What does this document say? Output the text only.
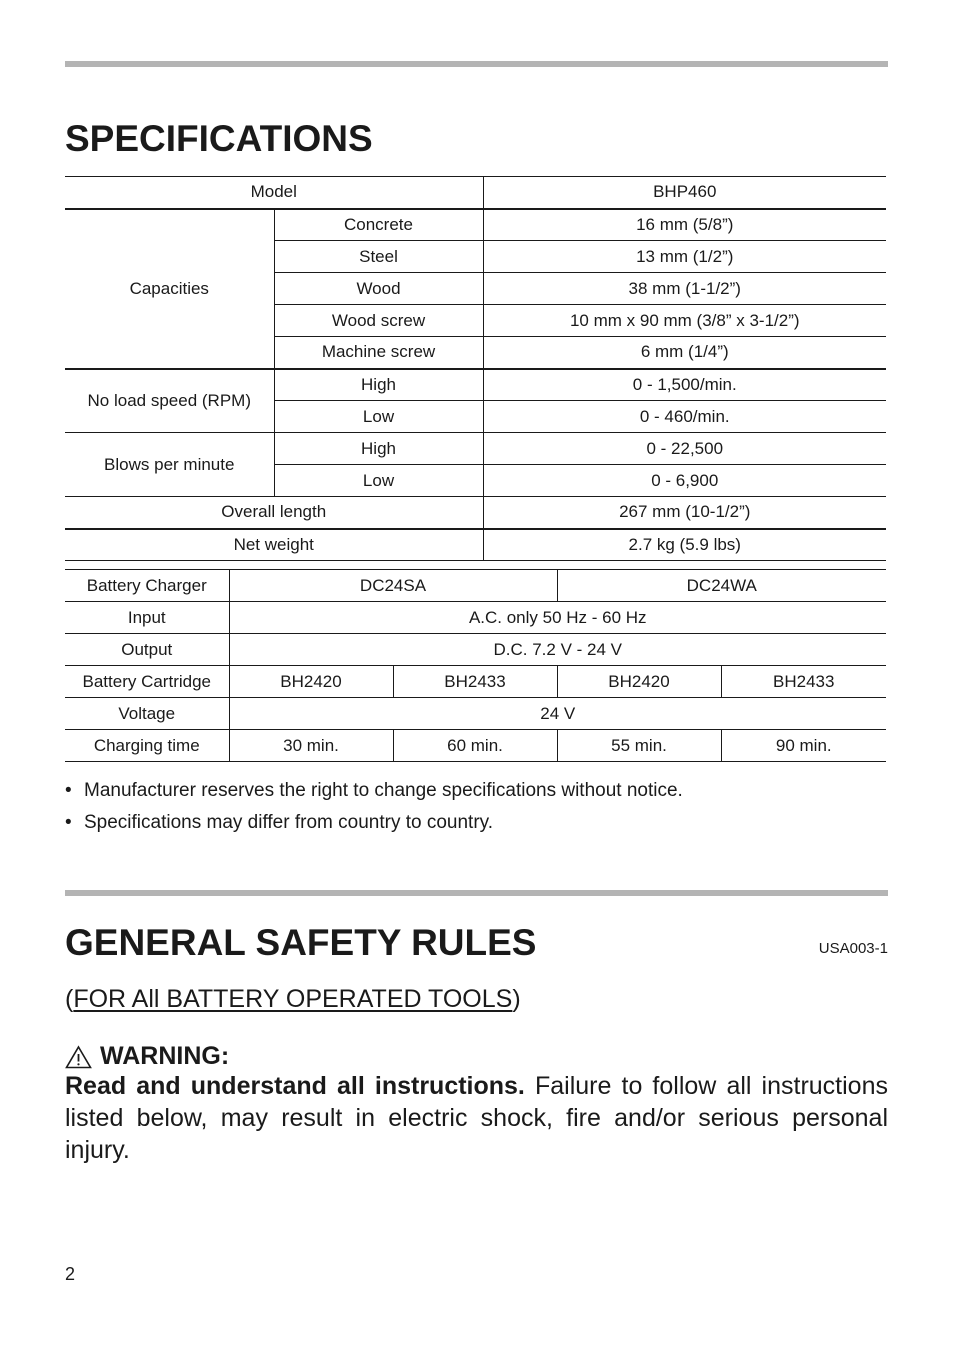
SPECIFICATIONS
Model		BHP460
Capacities	Concrete	16 mm (5/8”)
	Steel	13 mm (1/2”)
	Wood	38 mm (1-1/2”)
	Wood screw	10 mm x 90 mm (3/8” x 3-1/2”)
	Machine screw	6 mm (1/4”)
No load speed (RPM)	High	0 - 1,500/min.
	Low	0 - 460/min.
Blows per minute	High	0 - 22,500
	Low	0 - 6,900
Overall length		267 mm (10-1/2”)
Net weight		2.7 kg (5.9 lbs)
Battery Charger	DC24SA		DC24WA	
Input	A.C. only 50 Hz - 60 Hz			
Output	D.C. 7.2 V - 24 V			
Battery Cartridge	BH2420	BH2433	BH2420	BH2433
Voltage	24 V			
Charging time	30 min.	60 min.	55 min.	90 min.
• Manufacturer reserves the right to change specifications without notice.
• Specifications may differ from country to country.
GENERAL SAFETY RULES	USA003-1
(FOR All BATTERY OPERATED TOOLS)
WARNING:
Read and understand all instructions. Failure to follow all instructions listed below, may result in electric shock, fire and/or serious personal injury.
2
